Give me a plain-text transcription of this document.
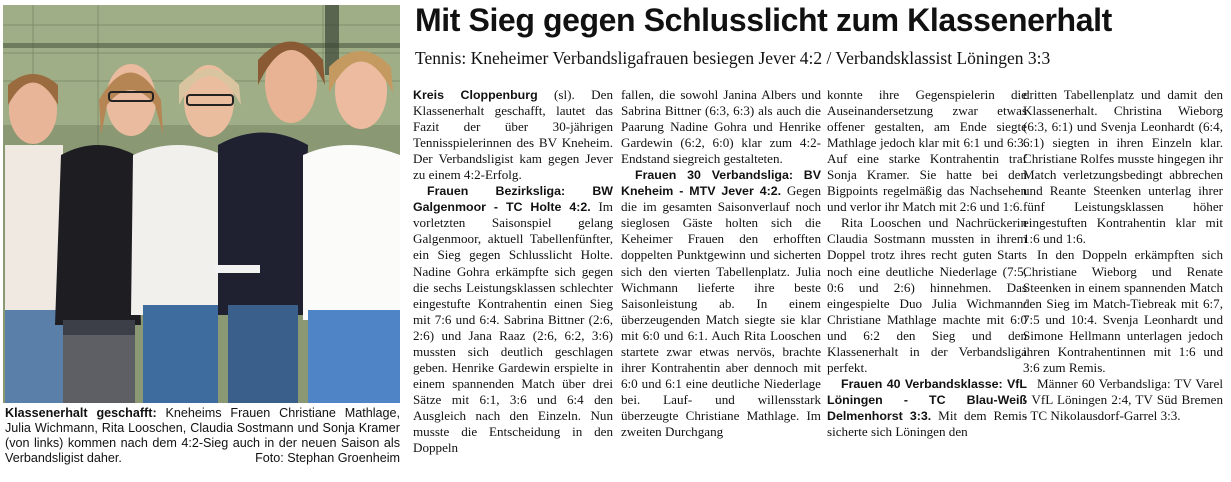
Klassenerhalt geschafft: Kneheims Frauen Christiane Mathlage, Julia Wichmann, Rita Looschen, Claudia Sostmann und Sonja Kramer (von links) kommen nach dem 4:2-Sieg auch in der neuen Saison als Verbandsligist daher.	Foto: Stephan Groenheim
Mit Sieg gegen Schlusslicht zum Klassenerhalt
Tennis: Kneheimer Verbandsligafrauen besiegen Jever 4:2 / Verbandsklassist Löningen 3:3

Kreis Cloppenburg (sl). Den Klassenerhalt geschafft, lautet das Fazit der über 30-jährigen Tennisspielerinnen des BV Kneheim. Der Verbandsligist kam gegen Jever zu einem 4:2-Erfolg.

Frauen Bezirksliga: BW Galgenmoor - TC Holte 4:2. Im vorletzten Saisonspiel gelang Galgenmoor, aktuell Tabellenfünfter, ein Sieg gegen Schlusslicht Holte. Nadine Gohra erkämpfte sich gegen die sechs Leistungsklassen schlechter eingestufte Kontrahentin einen Sieg mit 7:6 und 6:4. Sabrina Bittner (2:6, 2:6) und Jana Raaz (2:6, 6:2, 3:6) mussten sich deutlich geschlagen geben. Henrike Gardewin erspielte in einem spannenden Match über drei Sätze mit 6:1, 3:6 und 6:4 den Ausgleich nach den Einzeln. Nun musste die Entscheidung in den Doppeln

fallen, die sowohl Janina Albers und Sabrina Bittner (6:3, 6:3) als auch die Paarung Nadine Gohra und Henrike Gardewin (6:2, 6:0) klar zum 4:2-Endstand siegreich gestalteten.

Frauen 30 Verbandsliga: BV Kneheim - MTV Jever 4:2. Gegen die im gesamten Saisonverlauf noch sieglosen Gäste holten sich die Keheimer Frauen den erhofften doppelten Punktgewinn und sicherten sich den vierten Tabellenplatz. Julia Wichmann lieferte ihre beste Saisonleistung ab. In einem überzeugenden Match siegte sie klar mit 6:0 und 6:1. Auch Rita Looschen startete zwar etwas nervös, brachte ihrer Kontrahentin aber dennoch mit 6:0 und 6:1 eine deutliche Niederlage bei. Lauf- und willensstark überzeugte Christiane Mathlage. Im zweiten Durchgang

konnte ihre Gegenspielerin die Auseinandersetzung zwar etwas offener gestalten, am Ende siegte Mathlage jedoch klar mit 6:1 und 6:3. Auf eine starke Kontrahentin traf Sonja Kramer. Sie hatte bei den Bigpoints regelmäßig das Nachsehen und verlor ihr Match mit 2:6 und 1:6.

Rita Looschen und Nachrückerin Claudia Sostmann mussten in ihrem Doppel trotz ihres recht guten Starts noch eine deutliche Niederlage (7:5, 0:6 und 2:6) hinnehmen. Das eingespielte Duo Julia Wichmann/ Christiane Mathlage machte mit 6:0 und 6:2 den Sieg und den Klassenerhalt in der Verbandsliga perfekt.

Frauen 40 Verbandsklasse: VfL Löningen - TC Blau-Weiß Delmenhorst 3:3. Mit dem Remis sicherte sich Löningen den

dritten Tabellenplatz und damit den Klassenerhalt. Christina Wieborg (6:3, 6:1) und Svenja Leonhardt (6:4, 6:1) siegten in ihren Einzeln klar. Christiane Rolfes musste hingegen ihr Match verletzungsbedingt abbrechen und Reante Steenken unterlag ihrer fünf Leistungsklassen höher eingestuften Kontrahentin klar mit 1:6 und 1:6.

In den Doppeln erkämpften sich Christiane Wieborg und Renate Steenken in einem spannenden Match den Sieg im Match-Tiebreak mit 6:7, 7:5 und 10:4. Svenja Leonhardt und Simone Hellmann unterlagen jedoch ihren Kontrahentinnen mit 1:6 und 3:6 zum Remis.

Männer 60 Verbandsliga: TV Varel - VfL Löningen 2:4, TV Süd Bremen - TC Nikolausdorf-Garrel 3:3.
